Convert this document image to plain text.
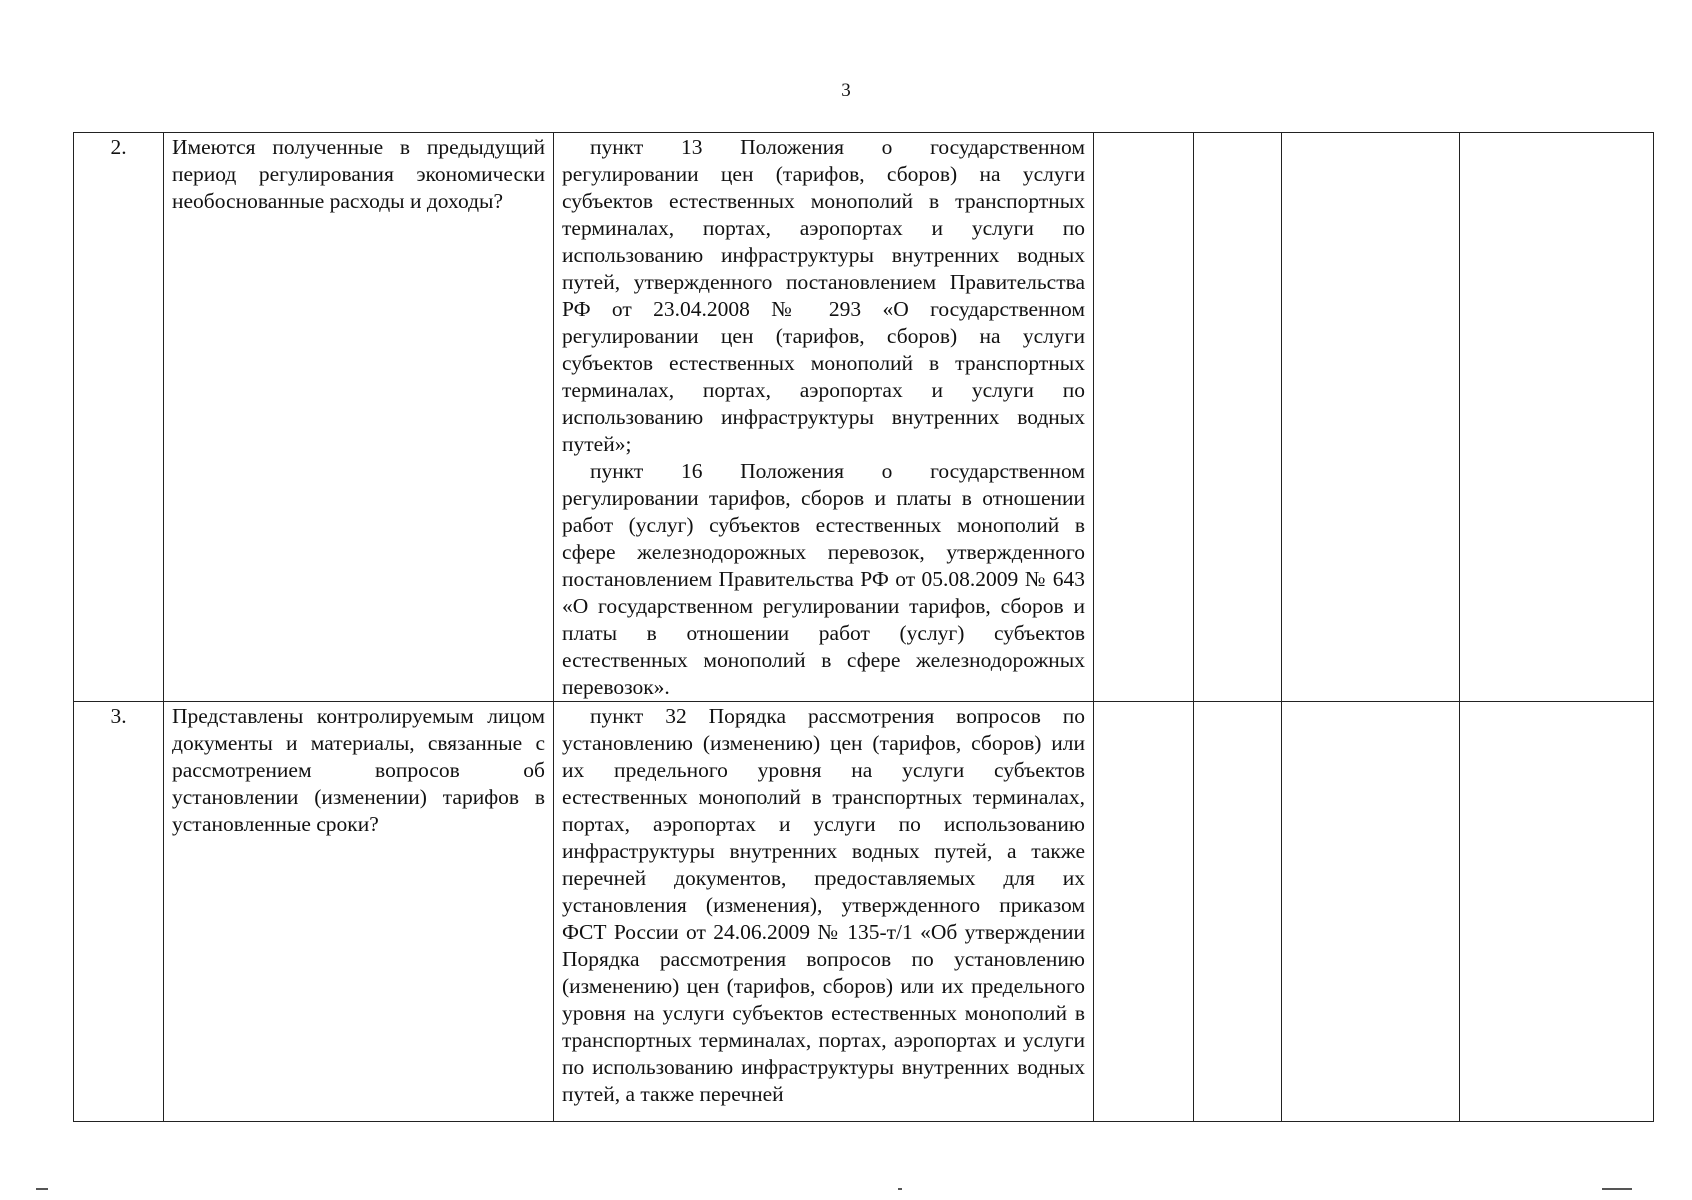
3
2.	Имеются полученные в предыдущий период регулирования экономически необоснованные расходы и доходы?	пункт 13 Положения о государственном регулировании цен (тарифов, сборов) на услуги субъектов естественных монополий в транспортных терминалах, портах, аэропортах и услуги по использованию инфраструктуры внутренних водных путей, утвержденного постановлением Правительства РФ от 23.04.2008 № 293 «О государственном регулировании цен (тарифов, сборов) на услуги субъектов естественных монополий в транспортных терминалах, портах, аэропортах и услуги по использованию инфраструктуры внутренних водных путей»;

пункт 16 Положения о государственном регулировании тарифов, сборов и платы в отношении работ (услуг) субъектов естественных монополий в сфере железнодорожных перевозок, утвержденного постановлением Правительства РФ от 05.08.2009 № 643 «О государственном регулировании тарифов, сборов и платы в отношении работ (услуг) субъектов естественных монополий в сфере железнодорожных перевозок».				

3.	Представлены контролируемым лицом документы и материалы, связанные с рассмотрением вопросов об установлении (изменении) тарифов в установленные сроки?	пункт 32 Порядка рассмотрения вопросов по установлению (изменению) цен (тарифов, сборов) или их предельного уровня на услуги субъектов естественных монополий в транспортных терминалах, портах, аэропортах и услуги по использованию инфраструктуры внутренних водных путей, а также перечней документов, предоставляемых для их установления (изменения), утвержденного приказом ФСТ России от 24.06.2009 № 135-т/1 «Об утверждении Порядка рассмотрения вопросов по установлению (изменению) цен (тарифов, сборов) или их предельного уровня на услуги субъектов естественных монополий в транспортных терминалах, портах, аэропортах и услуги по использованию инфраструктуры внутренних водных путей, а также перечней				
